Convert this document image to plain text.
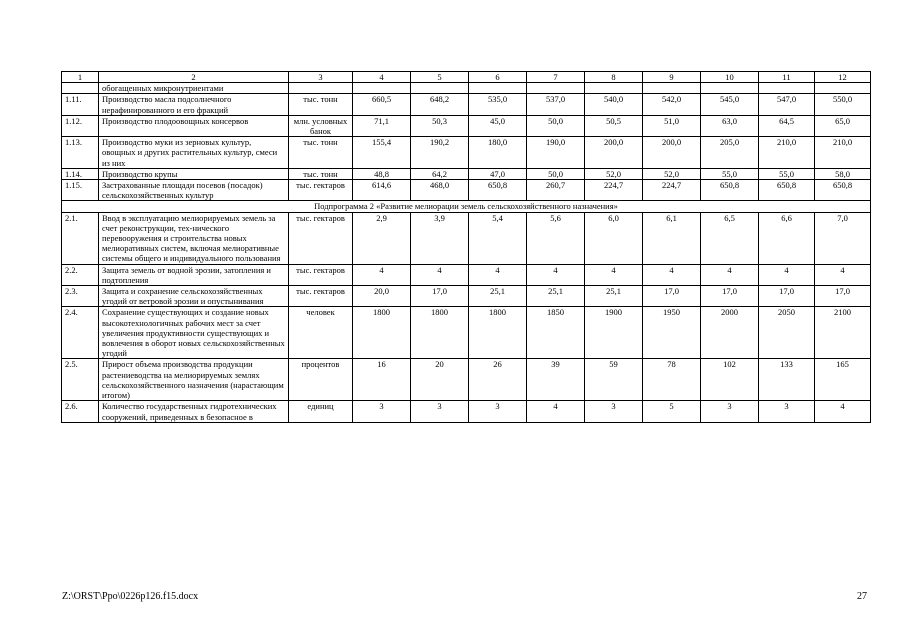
1	2	3	4	5	6	7	8	9	10	11	12
	обогащенных микронутриентами										
1.11.	Производство масла подсолнечного нерафинированного и его фракций	тыс. тонн	660,5	648,2	535,0	537,0	540,0	542,0	545,0	547,0	550,0
1.12.	Производство плодоовощных консервов	млн. условных банок	71,1	50,3	45,0	50,0	50,5	51,0	63,0	64,5	65,0
1.13.	Производство муки из зерновых культур, овощных и других растительных культур, смеси из них	тыс. тонн	155,4	190,2	180,0	190,0	200,0	200,0	205,0	210,0	210,0
1.14.	Производство крупы	тыс. тонн	48,8	64,2	47,0	50,0	52,0	52,0	55,0	55,0	58,0
1.15.	Застрахованные площади посевов (посадок) сельскохозяйственных культур	тыс. гектаров	614,6	468,0	650,8	260,7	224,7	224,7	650,8	650,8	650,8
Подпрограмма 2 «Развитие мелиорации земель сельскохозяйственного назначения»											
2.1.	Ввод в эксплуатацию мелиорируемых земель за счет реконструкции, тех-нического перевооружения и строительства новых мелиоративных систем, включая мелиоративные системы общего и индивидуального пользования	тыс. гектаров	2,9	3,9	5,4	5,6	6,0	6,1	6,5	6,6	7,0
2.2.	Защита земель от водной эрозии, затопления и подтопления	тыс. гектаров	4	4	4	4	4	4	4	4	4
2.3.	Защита и сохранение сельскохозяйственных угодий от ветровой эрозии и опустынивания	тыс. гектаров	20,0	17,0	25,1	25,1	25,1	17,0	17,0	17,0	17,0
2.4.	Сохранение существующих и создание новых высокотехнологичных рабочих мест за счет увеличения продуктивности существующих и вовлечения в оборот новых сельскохозяйственных угодий	человек	1800	1800	1800	1850	1900	1950	2000	2050	2100
2.5.	Прирост объема производства продукции растениеводства на мелиорируемых землях сельскохозяйственного назначения (нарастающим итогом)	процентов	16	20	26	39	59	78	102	133	165
2.6.	Количество государственных гидротехнических сооружений, приведенных в безопасное в	единиц	3	3	3	4	3	5	3	3	4
Z:\ORST\Ppo\0226p126.f15.docx	27
